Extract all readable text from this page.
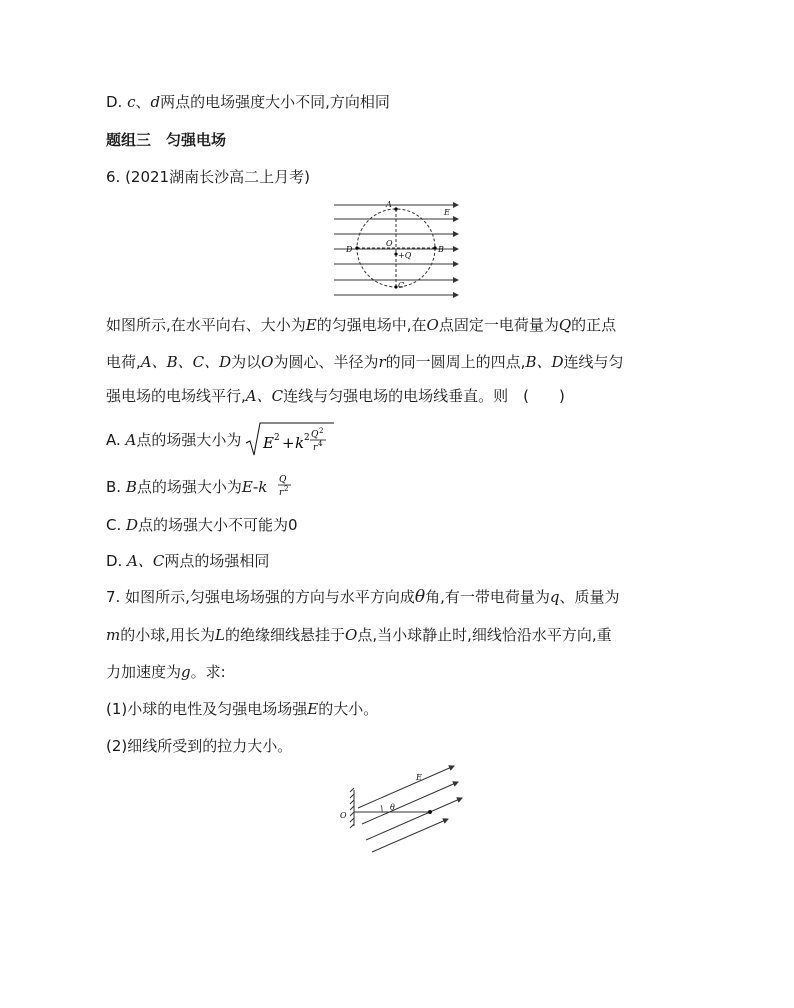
D. c、d两点的电场强度大小不同,方向相同
题组三　匀强电场
6. (2021湖南长沙高二上月考)
A
E
O
D	B
+Q
C
如图所示,在水平向右、大小为E的匀强电场中,在O点固定一电荷量为Q的正点
电荷,A、B、C、D为以O为圆心、半径为r的同一圆周上的四点,B、D连线与匀
强电场的电场线平行,A、C连线与匀强电场的电场线垂直。则　(　　)
A. A点的场强大小为 E 2 + k 2 Q 2
r 4
B. B点的场强大小为E-k Q
r 2
C. D点的场强大小不可能为0
D. A、C两点的场强相同
7. 如图所示,匀强电场场强的方向与水平方向成θ角,有一带电荷量为q、质量为
m的小球,用长为L的绝缘细线悬挂于O点,当小球静止时,细线恰沿水平方向,重
力加速度为g。求:
(1)小球的电性及匀强电场场强E的大小。
(2)细线所受到的拉力大小。
O
E
θ
